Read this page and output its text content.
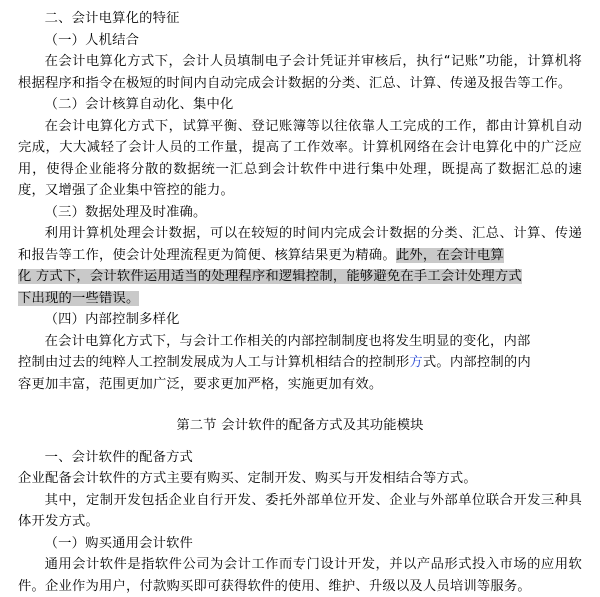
二、会计电算化的特征

（一）人机结合

在会计电算化方式下，会计人员填制电子会计凭证并审核后，执行“记账”功能，计算机将根据程序和指令在极短的时间内自动完成会计数据的分类、汇总、计算、传递及报告等工作。

（二）会计核算自动化、集中化

在会计电算化方式下，试算平衡、登记账簿等以往依靠人工完成的工作，都由计算机自动完成，大大减轻了会计人员的工作量，提高了工作效率。计算机网络在会计电算化中的广泛应用，使得企业能将分散的数据统一汇总到会计软件中进行集中处理，既提高了数据汇总的速度，又增强了企业集中管控的能力。

（三）数据处理及时准确。

利用计算机处理会计数据，可以在较短的时间内完成会计数据的分类、汇总、计算、传递和报告等工作，使会计处理流程更为简便、核算结果更为精确。此外，在会计电算

化 方式下，会计软件运用适当的处理程序和逻辑控制，能够避免在手工会计处理方式

下出现的一些错误。

（四）内部控制多样化

在会计电算化方式下，与会计工作相关的内部控制制度也将发生明显的变化，内部

控制由过去的纯粹人工控制发展成为人工与计算机相结合的控制形方式。内部控制的内

容更加丰富，范围更加广泛，要求更加严格，实施更加有效。

第二节 会计软件的配备方式及其功能模块

一、会计软件的配备方式

企业配备会计软件的方式主要有购买、定制开发、购买与开发相结合等方式。

其中，定制开发包括企业自行开发、委托外部单位开发、企业与外部单位联合开发三种具体开发方式。

（一）购买通用会计软件

通用会计软件是指软件公司为会计工作而专门设计开发，并以产品形式投入市场的应用软件。企业作为用户，付款购买即可获得软件的使用、维护、升级以及人员培训等服务。
